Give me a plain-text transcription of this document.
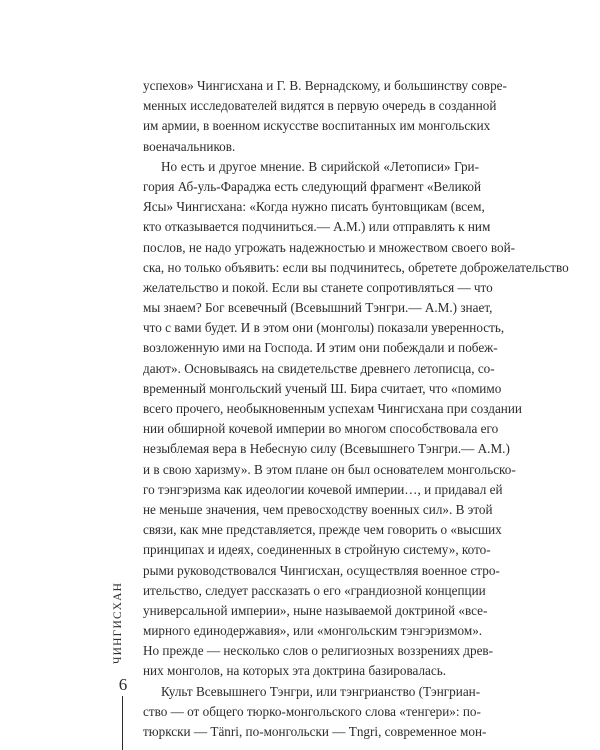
успехов» Чингисхана и Г. В. Вернадскому, и большинству совре-
менных исследователей видятся в первую очередь в созданной
им армии, в военном искусстве воспитанных им монгольских
военачальников.
Но есть и другое мнение. В сирийской «Летописи» Гри-
гория Аб-уль-Фараджа есть следующий фрагмент «Великой
Ясы» Чингисхана: «Когда нужно писать бунтовщикам (всем,
кто отказывается подчиниться.— А.М.) или отправлять к ним
послов, не надо угрожать надежностью и множеством своего вой-
ска, но только объявить: если вы подчинитесь, обретете доброжелательство
желательство и покой. Если вы станете сопротивляться — что
мы знаем? Бог всевечный (Всевышний Тэнгри.— А.М.) знает,
что с вами будет. И в этом они (монголы) показали уверенность,
возложенную ими на Господа. И этим они побеждали и побеж-
дают». Основываясь на свидетельстве древнего летописца, со-
временный монгольский ученый Ш. Бира считает, что «помимо
всего прочего, необыкновенным успехам Чингисхана при создании
нии обширной кочевой империи во многом способствовала его
незыблемая вера в Небесную силу (Всевышнего Тэнгри.— А.М.)
и в свою харизму». В этом плане он был основателем монгольско-
го тэнгэризма как идеологии кочевой империи…, и придавал ей
не меньше значения, чем превосходству военных сил». В этой
связи, как мне представляется, прежде чем говорить о «высших
принципах и идеях, соединенных в стройную систему», кото-
рыми руководствовался Чингисхан, осуществляя военное стро-
ительство, следует рассказать о его «грандиозной концепции
универсальной империи», ныне называемой доктриной «все-
мирного единодержавия», или «монгольским тэнгэризмом».
Но прежде — несколько слов о религиозных воззрениях древ-
них монголов, на которых эта доктрина базировалась.
Культ Всевышнего Тэнгри, или тэнгрианство (Тэнгриан-
ство — от общего тюрко-монгольского слова «тенгери»: по-
тюркски — Tänri, по-монгольски — Tngri, современное мон-
ЧИНГИСХАН
6
